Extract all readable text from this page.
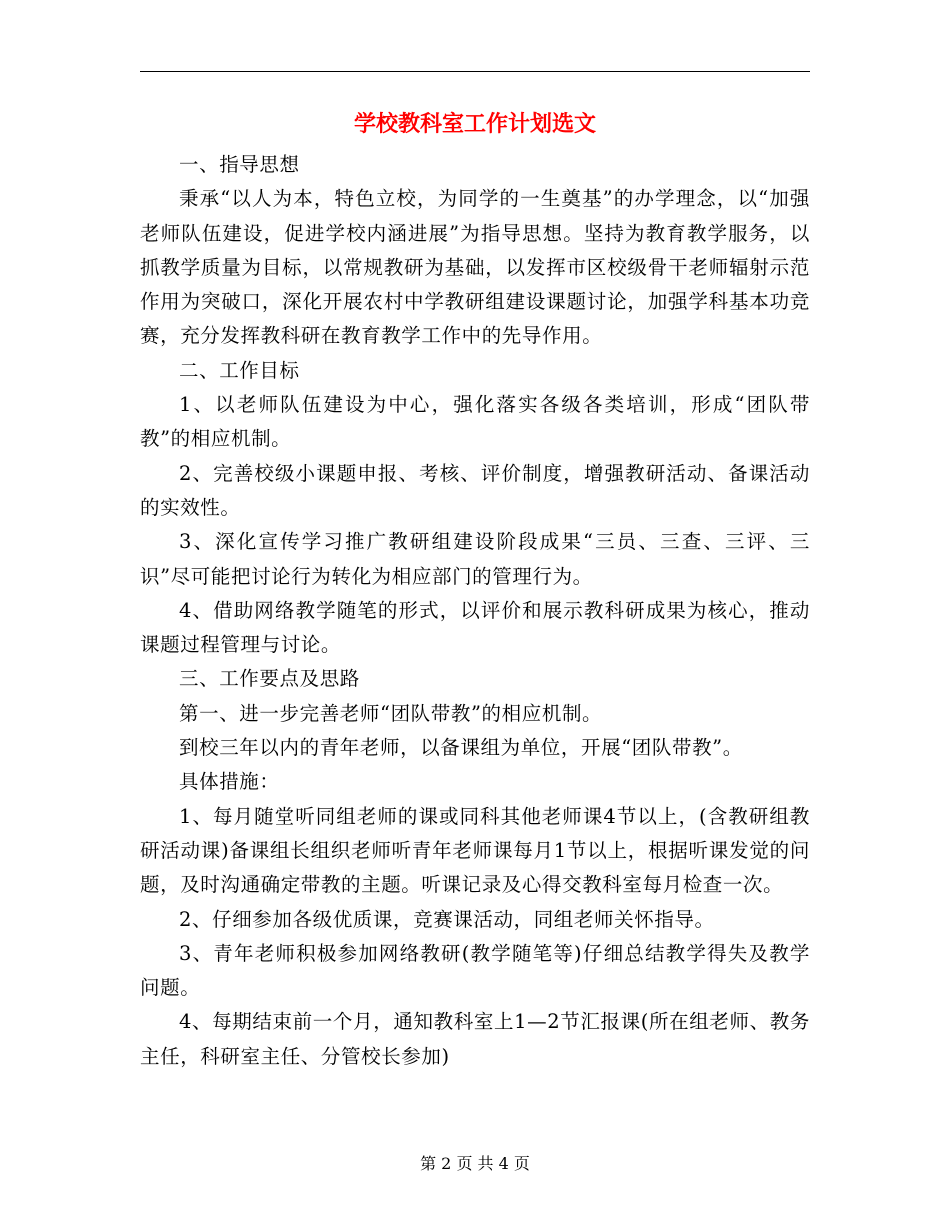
学校教科室工作计划选文

一、指导思想

秉承“以人为本，特色立校，为同学的一生奠基”的办学理念，以“加强老师队伍建设，促进学校内涵进展”为指导思想。坚持为教育教学服务，以抓教学质量为目标，以常规教研为基础，以发挥市区校级骨干老师辐射示范作用为突破口，深化开展农村中学教研组建设课题讨论，加强学科基本功竞赛，充分发挥教科研在教育教学工作中的先导作用。

二、工作目标

1、以老师队伍建设为中心，强化落实各级各类培训，形成“团队带教”的相应机制。

2、完善校级小课题申报、考核、评价制度，增强教研活动、备课活动的实效性。

3、深化宣传学习推广教研组建设阶段成果“三员、三查、三评、三识”尽可能把讨论行为转化为相应部门的管理行为。

4、借助网络教学随笔的形式，以评价和展示教科研成果为核心，推动课题过程管理与讨论。

三、工作要点及思路

第一、进一步完善老师“团队带教”的相应机制。

到校三年以内的青年老师，以备课组为单位，开展“团队带教”。

具体措施：

1、每月随堂听同组老师的课或同科其他老师课4节以上，(含教研组教研活动课)备课组长组织老师听青年老师课每月1节以上，根据听课发觉的问题，及时沟通确定带教的主题。听课记录及心得交教科室每月检查一次。

2、仔细参加各级优质课，竞赛课活动，同组老师关怀指导。

3、青年老师积极参加网络教研(教学随笔等)仔细总结教学得失及教学问题。

4、每期结束前一个月，通知教科室上1—2节汇报课(所在组老师、教务主任，科研室主任、分管校长参加)

第 2 页 共 4 页
